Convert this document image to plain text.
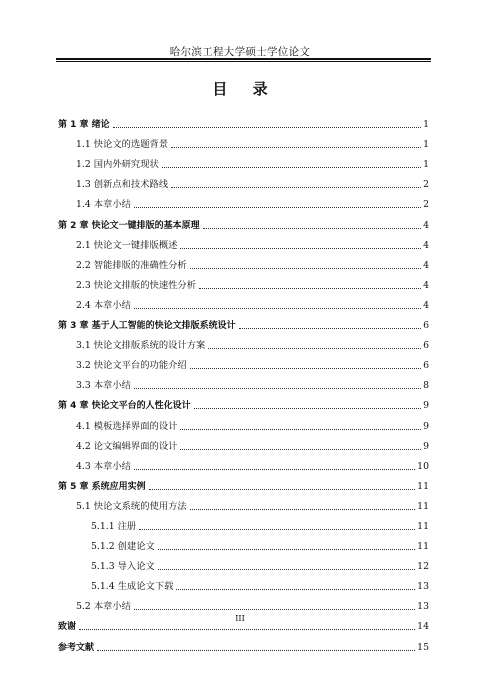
哈尔滨工程大学硕士学位论文
目 录
第 1 章 绪论	1
1.1 快论文的选题背景	1
1.2 国内外研究现状	1
1.3 创新点和技术路线	2
1.4 本章小结	2
第 2 章 快论文一键排版的基本原理	4
2.1 快论文一键排版概述	4
2.2 智能排版的准确性分析	4
2.3 快论文排版的快速性分析	4
2.4 本章小结	4
第 3 章 基于人工智能的快论文排版系统设计	6
3.1 快论文排版系统的设计方案	6
3.2 快论文平台的功能介绍	6
3.3 本章小结	8
第 4 章 快论文平台的人性化设计	9
4.1 模板选择界面的设计	9
4.2 论文编辑界面的设计	9
4.3 本章小结	10
第 5 章 系统应用实例	11
5.1 快论文系统的使用方法	11
5.1.1 注册	11
5.1.2 创建论文	11
5.1.3 导入论文	12
5.1.4 生成论文下载	13
5.2 本章小结	13
致谢	14
参考文献	15
III
